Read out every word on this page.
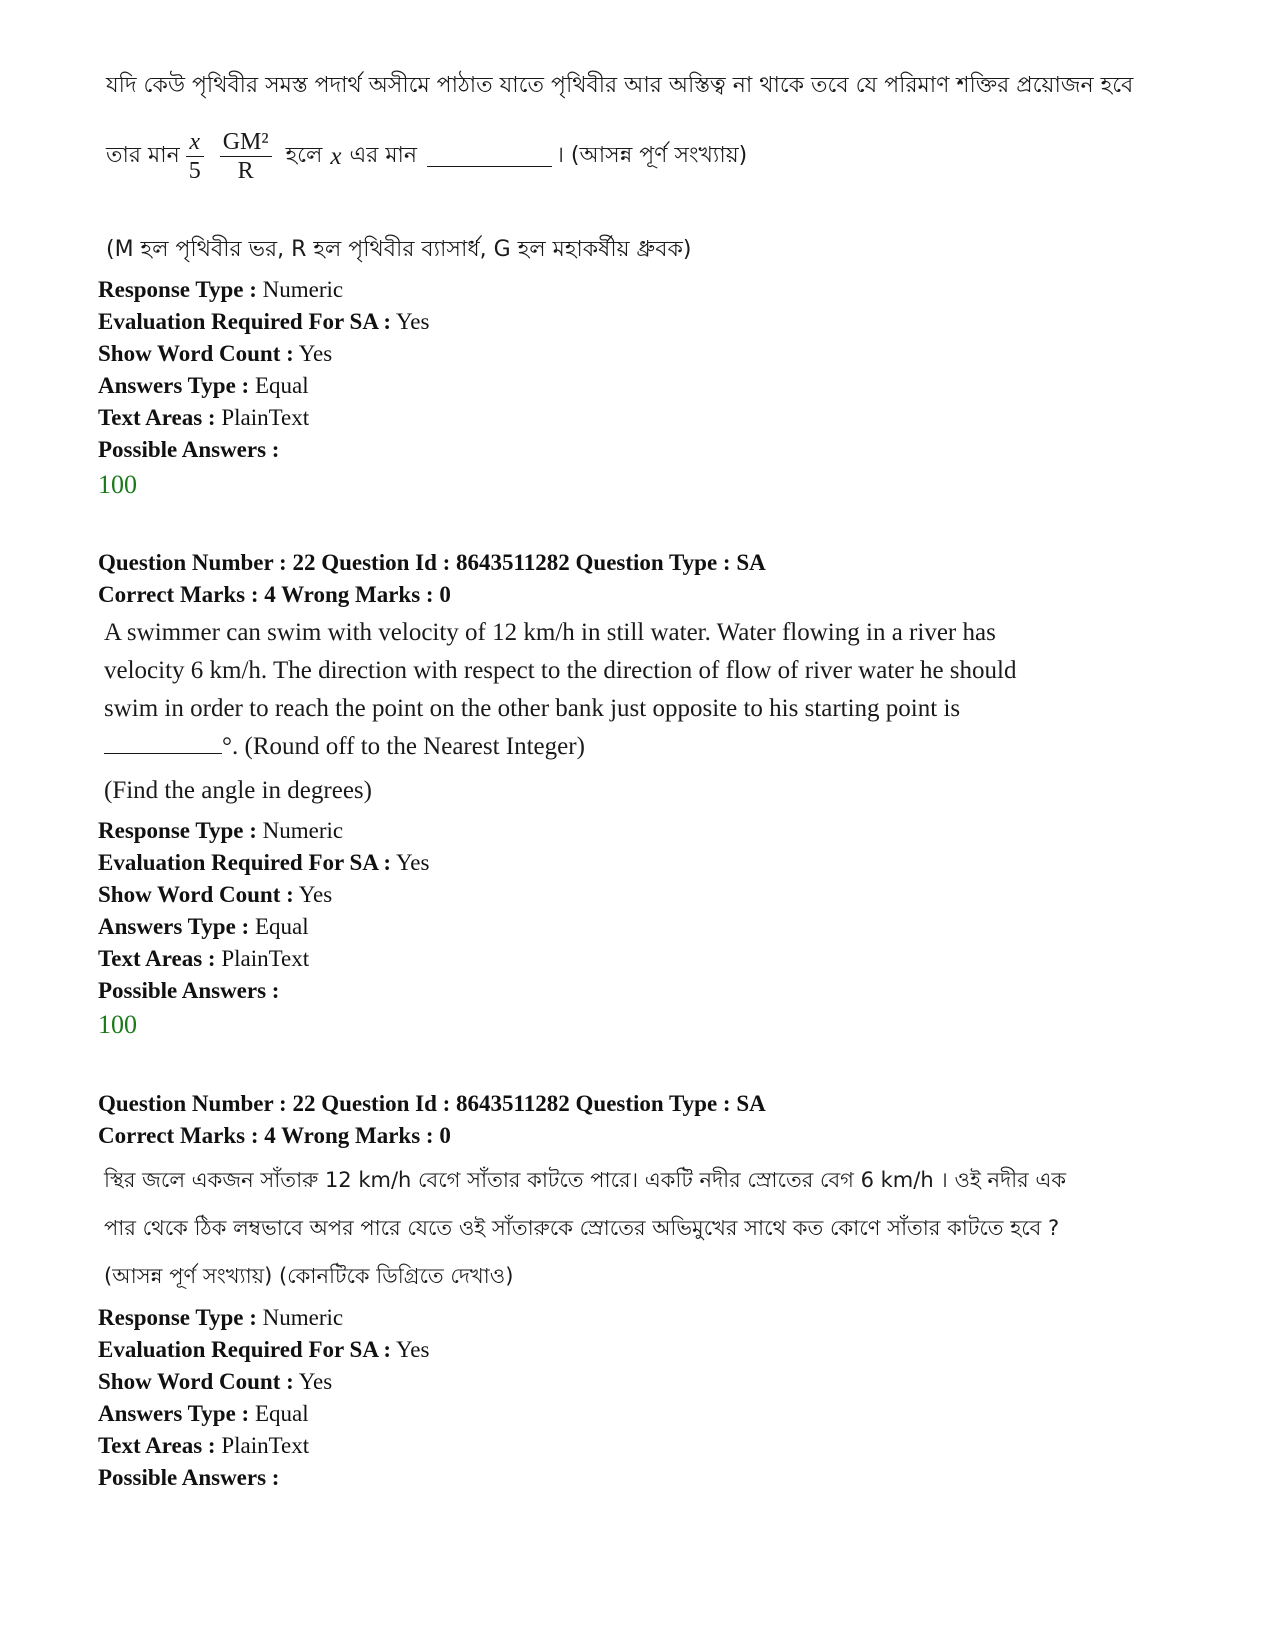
যদি কেউ পৃথিবীর সমস্ত পদার্থ অসীমে পাঠাত যাতে পৃথিবীর আর অস্তিত্ব না থাকে তবে যে পরিমাণ শক্তির প্রয়োজন হবে
তার মান $\frac{x}{5} \frac{\text{GM²}}{R}$ হলে x এর মান	। (আসন্ন পূর্ণ সংখ্যায়)
(M হল পৃথিবীর ভর, R হল পৃথিবীর ব্যাসার্ধ, G হল মহাকর্ষীয় ধ্রুবক)
Response Type : Numeric
Evaluation Required For SA : Yes
Show Word Count : Yes
Answers Type : Equal
Text Areas : PlainText
Possible Answers :
100
Question Number : 22 Question Id : 8643511282 Question Type : SA
Correct Marks : 4 Wrong Marks : 0
A swimmer can swim with velocity of 12 km/h in still water. Water flowing in a river has
velocity 6 km/h. The direction with respect to the direction of flow of river water he should
swim in order to reach the point on the other bank just opposite to his starting point is
°. (Round off to the Nearest Integer)
(Find the angle in degrees)
Response Type : Numeric
Evaluation Required For SA : Yes
Show Word Count : Yes
Answers Type : Equal
Text Areas : PlainText
Possible Answers :
100
Question Number : 22 Question Id : 8643511282 Question Type : SA
Correct Marks : 4 Wrong Marks : 0
স্থির জলে একজন সাঁতারু 12 km/h বেগে সাঁতার কাটতে পারে। একটি নদীর স্রোতের বেগ 6 km/h । ওই নদীর এক
পার থেকে ঠিক লম্বভাবে অপর পারে যেতে ওই সাঁতারুকে স্রোতের অভিমুখের সাথে কত কোণে সাঁতার কাটতে হবে ?
(আসন্ন পূর্ণ সংখ্যায়) (কোনটিকে ডিগ্রিতে দেখাও)
Response Type : Numeric
Evaluation Required For SA : Yes
Show Word Count : Yes
Answers Type : Equal
Text Areas : PlainText
Possible Answers :
